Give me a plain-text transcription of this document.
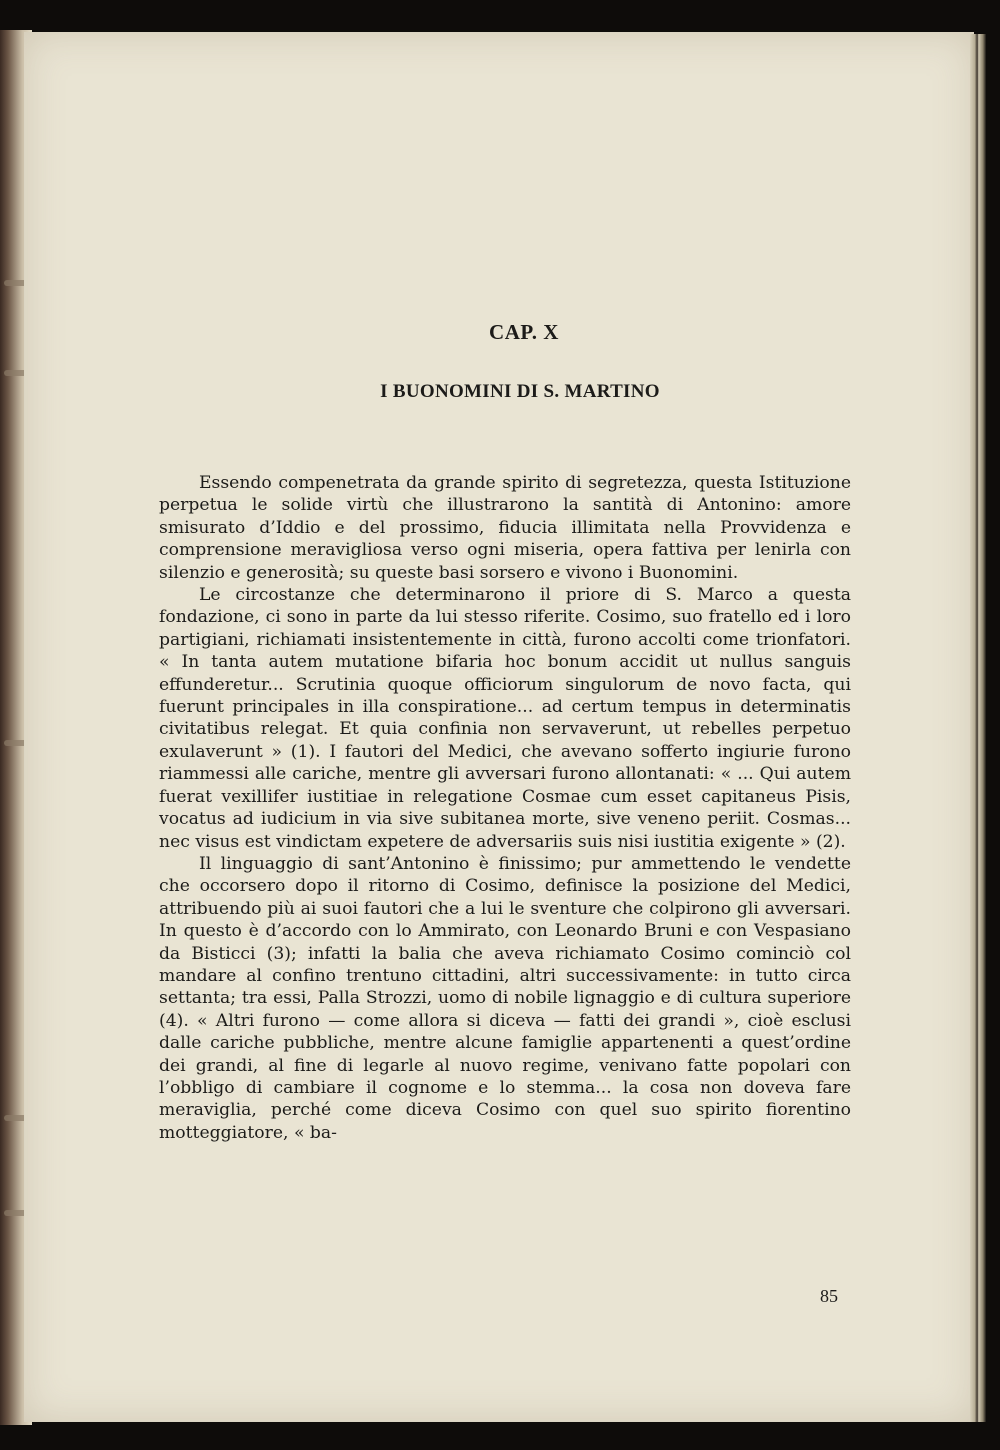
CAP. X
I BUONOMINI DI S. MARTINO

Essendo compenetrata da grande spirito di segretezza, questa Istituzione perpetua le solide virtù che illustrarono la santità di Antonino: amore smisurato d’Iddio e del prossimo, fiducia illimitata nella Provvidenza e comprensione meravigliosa verso ogni miseria, opera fattiva per lenirla con silenzio e generosità; su queste basi sorsero e vivono i Buonomini.

Le circostanze che determinarono il priore di S. Marco a questa fondazione, ci sono in parte da lui stesso riferite. Cosimo, suo fratello ed i loro partigiani, richiamati insistentemente in città, furono accolti come trionfatori. « In tanta autem mutatione bifaria hoc bonum accidit ut nullus sanguis effunderetur... Scrutinia quoque officiorum singulorum de novo facta, qui fuerunt principales in illa conspiratione... ad certum tempus in determinatis civitatibus relegat. Et quia confinia non servaverunt, ut rebelles perpetuo exulaverunt » (1). I fautori del Medici, che avevano sofferto ingiurie furono riammessi alle cariche, mentre gli avversari furono allontanati: « ... Qui autem fuerat vexillifer iustitiae in relegatione Cosmae cum esset capitaneus Pisis, vocatus ad iudicium in via sive subitanea morte, sive veneno periit. Cosmas... nec visus est vindictam expetere de adversariis suis nisi iustitia exigente » (2).

Il linguaggio di sant’Antonino è finissimo; pur ammettendo le vendette che occorsero dopo il ritorno di Cosimo, definisce la posizione del Medici, attribuendo più ai suoi fautori che a lui le sventure che colpirono gli avversari. In questo è d’accordo con lo Ammirato, con Leonardo Bruni e con Vespasiano da Bisticci (3); infatti la balia che aveva richiamato Cosimo cominciò col mandare al confino trentuno cittadini, altri successivamente: in tutto circa settanta; tra essi, Palla Strozzi, uomo di nobile lignaggio e di cultura superiore (4). « Altri furono — come allora si diceva — fatti dei grandi », cioè esclusi dalle cariche pubbliche, mentre alcune famiglie appartenenti a quest’ordine dei grandi, al fine di legarle al nuovo regime, venivano fatte popolari con l’obbligo di cambiare il cognome e lo stemma... la cosa non doveva fare meraviglia, perché come diceva Cosimo con quel suo spirito fiorentino motteggiatore, « ba-

85
